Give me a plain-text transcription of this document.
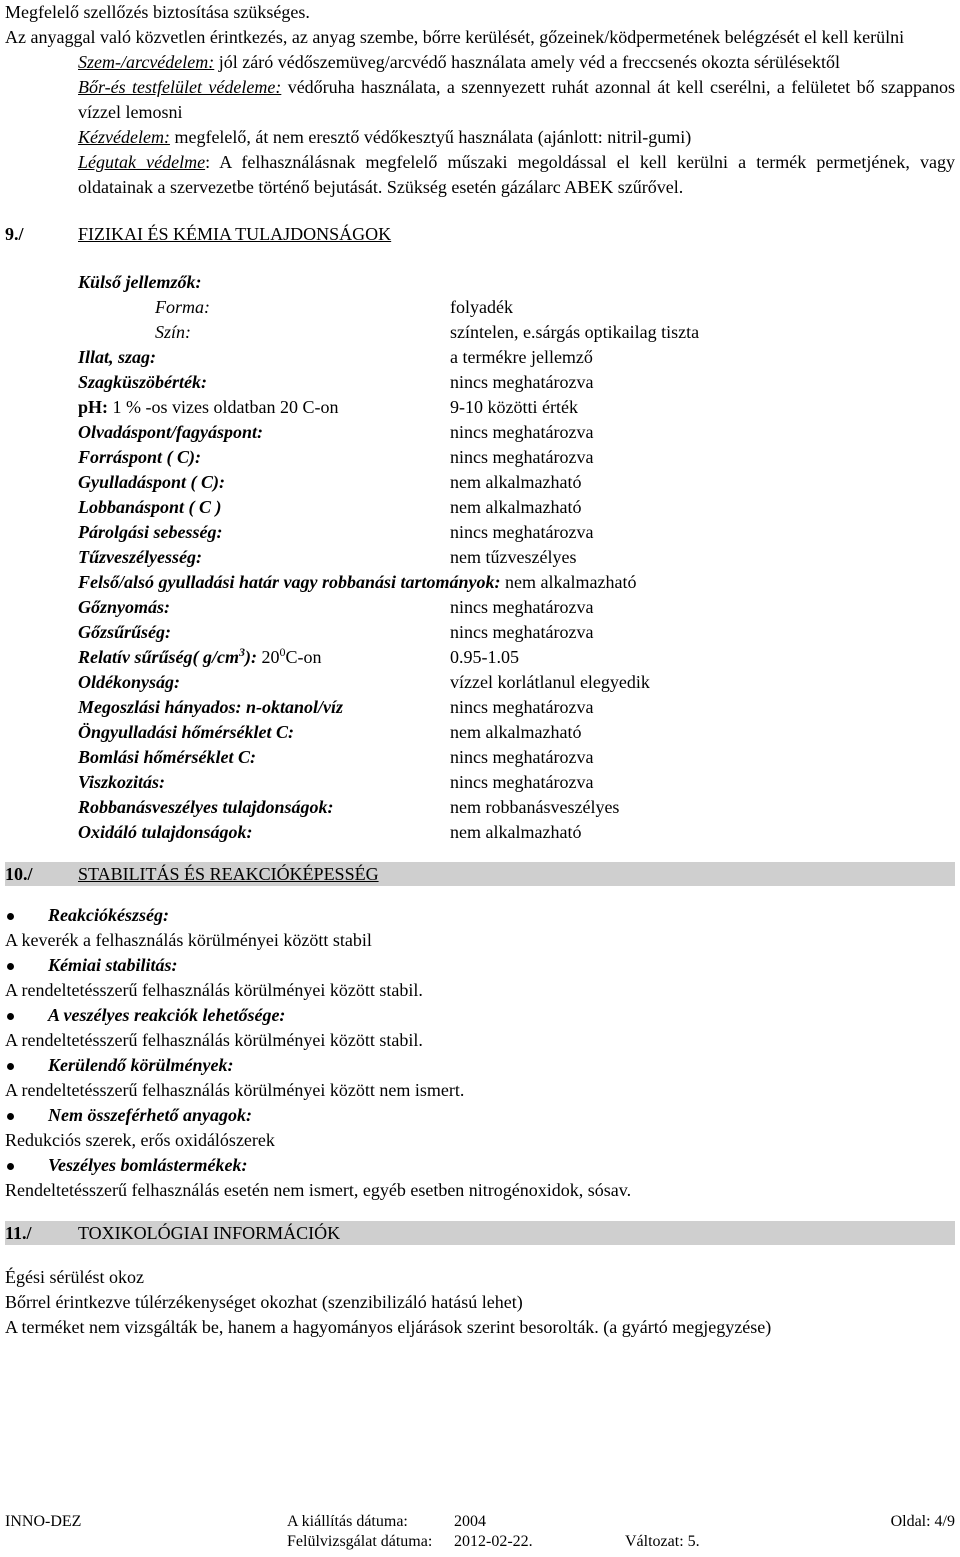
Megfelelő szellőzés biztosítása szükséges.

Az anyaggal való közvetlen érintkezés, az anyag szembe, bőrre kerülését, gőzeinek/ködpermetének belégzését el kell kerülni

Szem-/arcvédelem: jól záró védőszemüveg/arcvédő használata amely véd a freccsenés okozta sérülésektől

Bőr-és testfelület védeleme: védőruha használata, a szennyezett ruhát azonnal át kell cserélni, a felületet bő szappanos vízzel lemosni

Kézvédelem: megfelelő, át nem eresztő védőkesztyű használata (ajánlott: nitril-gumi)

Légutak védelme: A felhasználásnak megfelelő műszaki megoldással el kell kerülni a termék permetjének, vagy oldatainak a szervezetbe történő bejutását. Szükség esetén gázálarc ABEK szűrővel.

9./	FIZIKAI ÉS KÉMIA TULAJDONSÁGOK
Külső jellemzők:
Forma:	folyadék
Szín:	színtelen, e.sárgás optikailag tiszta
Illat, szag:	a termékre jellemző
Szagküszöbérték:	nincs meghatározva
pH: 1 % -os vizes oldatban 20 C-on	9-10 közötti érték
Olvadáspont/fagyáspont:	nincs meghatározva
Forráspont ( C):	nincs meghatározva
Gyulladáspont ( C):	nem alkalmazható
Lobbanáspont ( C )	nem alkalmazható
Párolgási sebesség:	nincs meghatározva
Tűzveszélyesség:	nem tűzveszélyes
Felső/alsó gyulladási határ vagy robbanási tartományok: nem alkalmazható
Gőznyomás:	nincs meghatározva
Gőzsűrűség:	nincs meghatározva
Relatív sűrűség( $g/cm^3$): $20^0C-on$	0.95-1.05
Oldékonyság:	vízzel korlátlanul elegyedik
Megoszlási hányados: n-oktanol/víz	nincs meghatározva
Öngyulladási hőmérséklet C:	nem alkalmazható
Bomlási hőmérséklet C:	nincs meghatározva
Viszkozitás:	nincs meghatározva
Robbanásveszélyes tulajdonságok:	nem robbanásveszélyes
Oxidáló tulajdonságok:	nem alkalmazható
10./	STABILITÁS ÉS REAKCIÓKÉPESSÉG
Reakciókészség:

A keverék a felhasználás körülményei között stabil

Kémiai stabilitás:

A rendeltetésszerű felhasználás körülményei között stabil.

A veszélyes reakciók lehetősége:

A rendeltetésszerű felhasználás körülményei között stabil.

Kerülendő körülmények:

A rendeltetésszerű felhasználás körülményei között nem ismert.

Nem összeférhető anyagok:

Redukciós szerek, erős oxidálószerek

Veszélyes bomlástermékek:

Rendeltetésszerű felhasználás esetén nem ismert, egyéb esetben nitrogénoxidok, sósav.

11./	TOXIKOLÓGIAI INFORMÁCIÓK

Égési sérülést okoz

Bőrrel érintkezve túlérzékenységet okozhat (szenzibilizáló hatású lehet)

A terméket nem vizsgálták be, hanem a hagyományos eljárások szerint besorolták. (a gyártó megjegyzése)

INNO-DEZ	A kiállítás dátuma:	2004	Oldal: 4/9
Felülvizsgálat dátuma: 2012-02-22.	Változat: 5.
